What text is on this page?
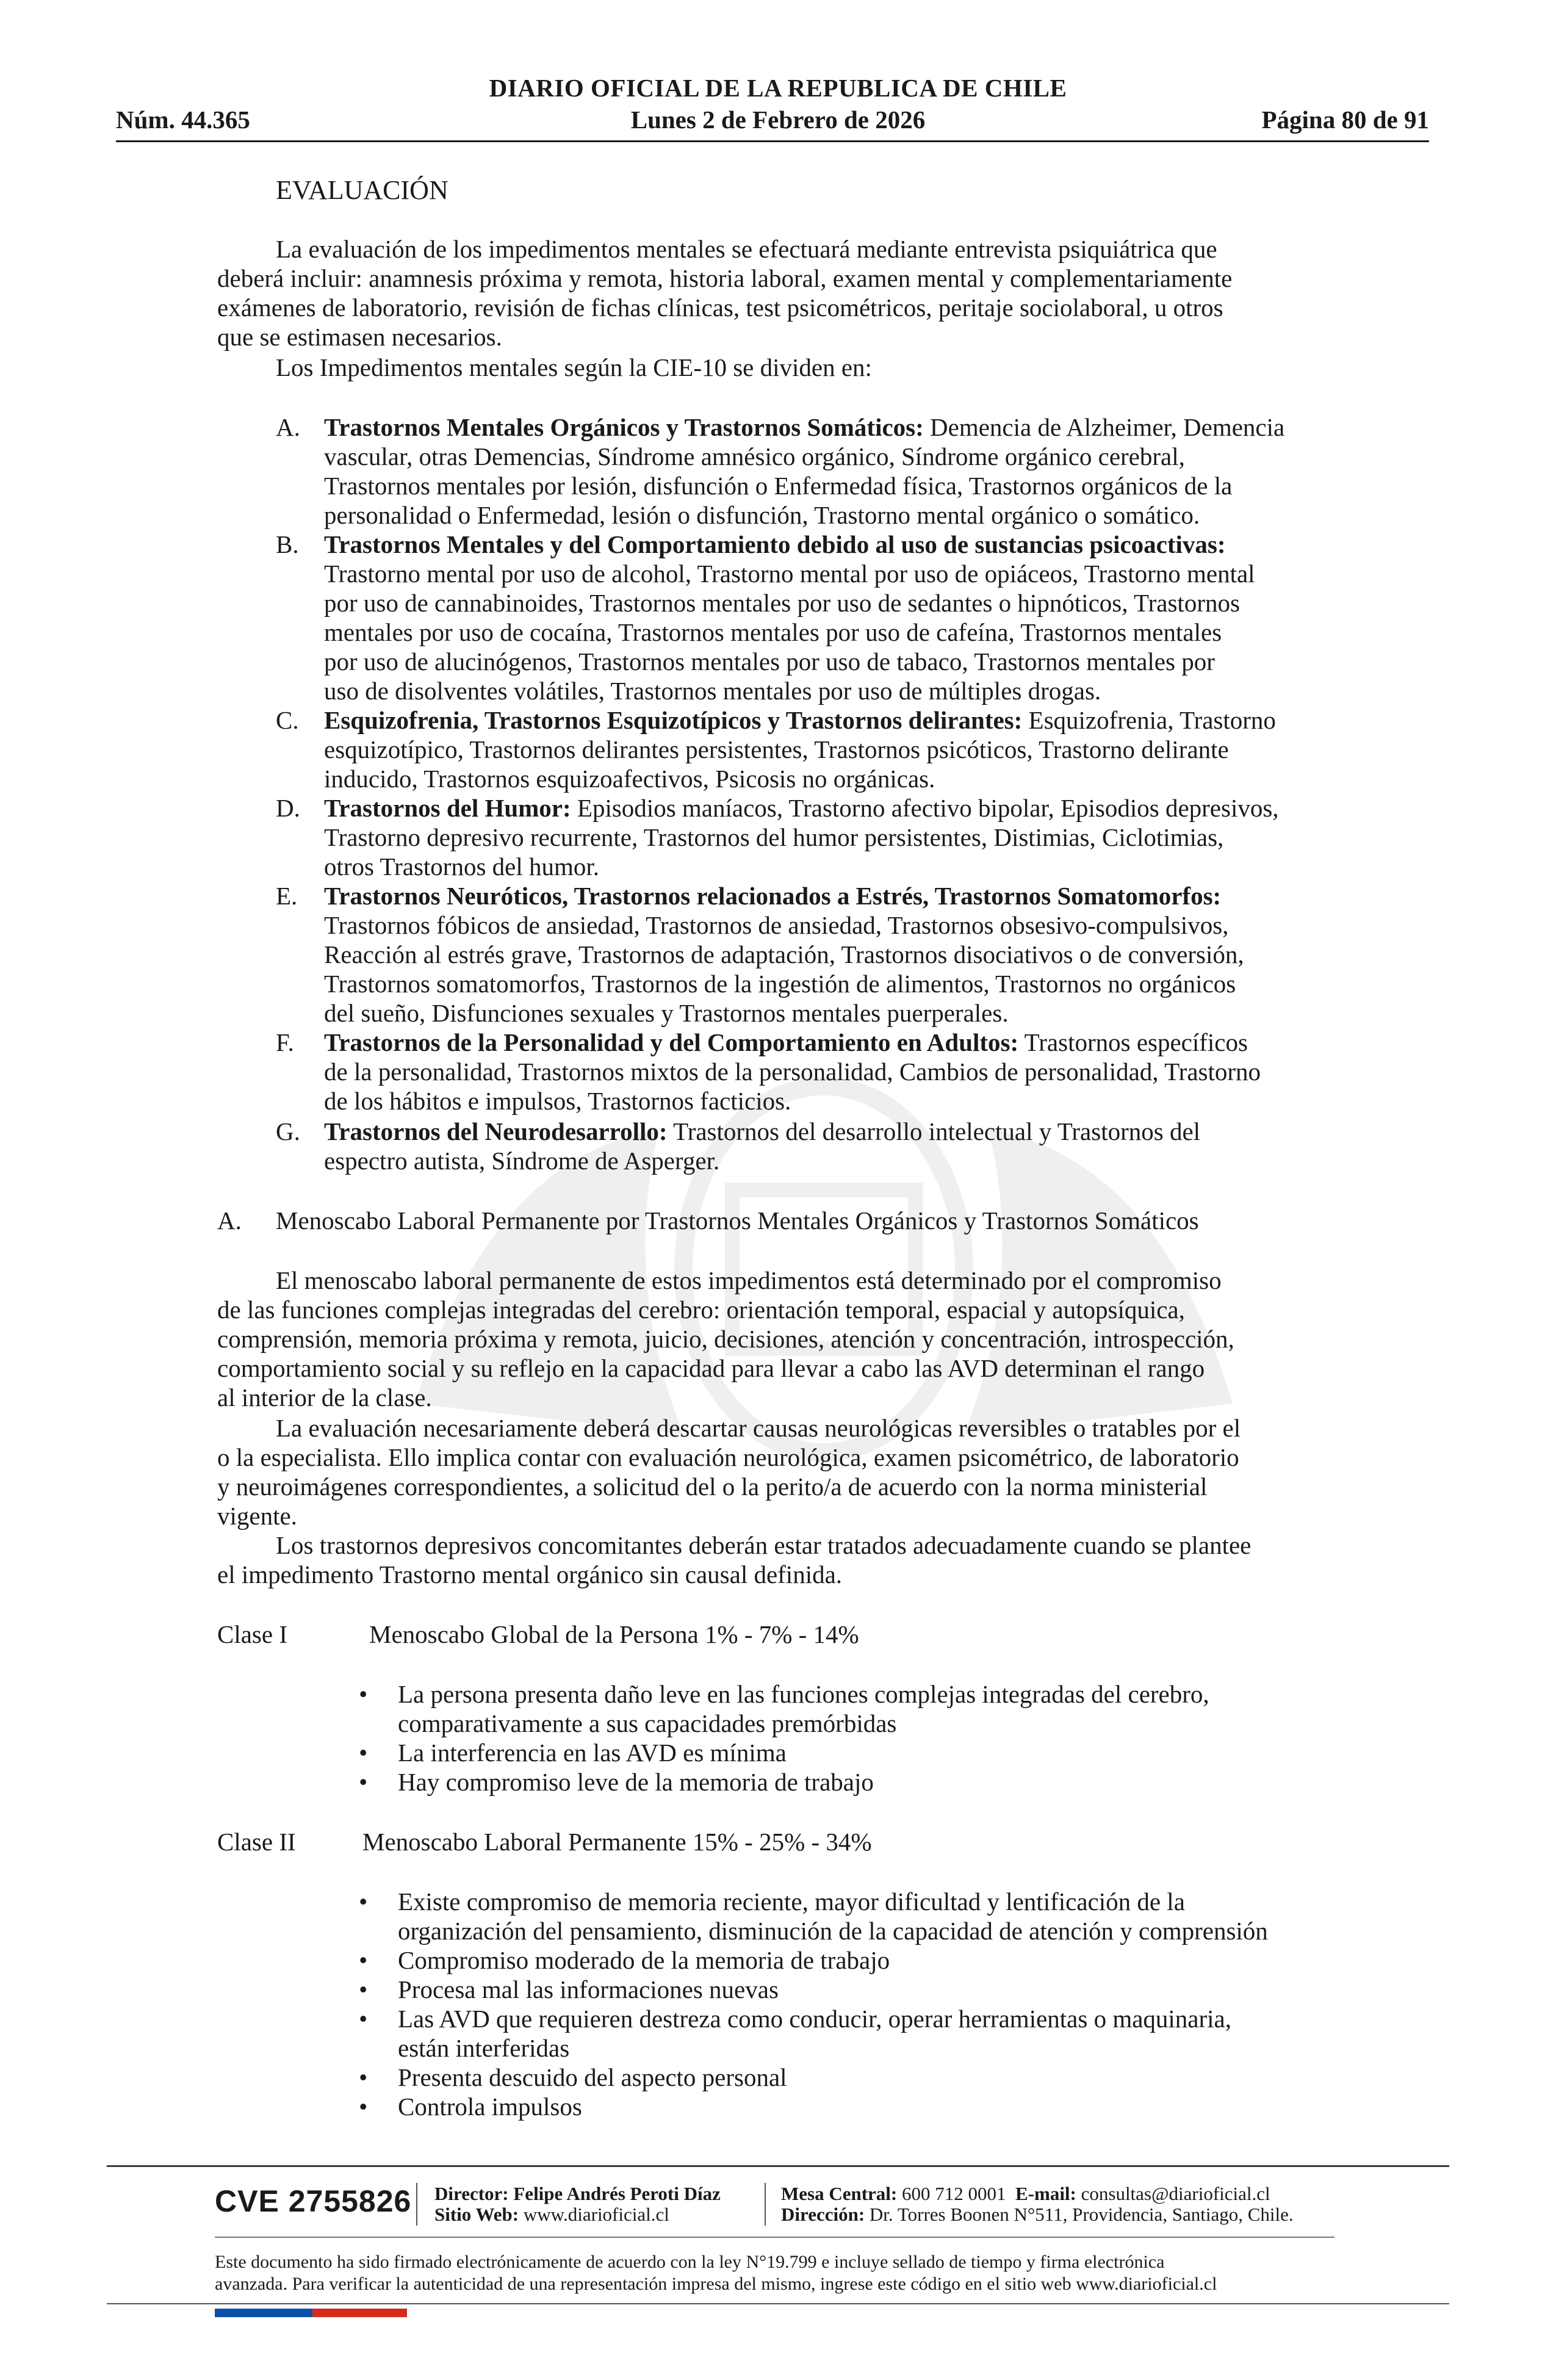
DIARIO OFICIAL DE LA REPUBLICA DE CHILE
Núm. 44.365	Lunes 2 de Febrero de 2026	Página 80 de 91
EVALUACIÓN
La evaluación de los impedimentos mentales se efectuará mediante entrevista psiquiátrica que
deberá incluir: anamnesis próxima y remota, historia laboral, examen mental y complementariamente
exámenes de laboratorio, revisión de fichas clínicas, test psicométricos, peritaje sociolaboral, u otros
que se estimasen necesarios.
Los Impedimentos mentales según la CIE-10 se dividen en:
A. Trastornos Mentales Orgánicos y Trastornos Somáticos: Demencia de Alzheimer, Demencia
vascular, otras Demencias, Síndrome amnésico orgánico, Síndrome orgánico cerebral,
Trastornos mentales por lesión, disfunción o Enfermedad física, Trastornos orgánicos de la
personalidad o Enfermedad, lesión o disfunción, Trastorno mental orgánico o somático.
B. Trastornos Mentales y del Comportamiento debido al uso de sustancias psicoactivas:
Trastorno mental por uso de alcohol, Trastorno mental por uso de opiáceos, Trastorno mental
por uso de cannabinoides, Trastornos mentales por uso de sedantes o hipnóticos, Trastornos
mentales por uso de cocaína, Trastornos mentales por uso de cafeína, Trastornos mentales
por uso de alucinógenos, Trastornos mentales por uso de tabaco, Trastornos mentales por
uso de disolventes volátiles, Trastornos mentales por uso de múltiples drogas.
C. Esquizofrenia, Trastornos Esquizotípicos y Trastornos delirantes: Esquizofrenia, Trastorno
esquizotípico, Trastornos delirantes persistentes, Trastornos psicóticos, Trastorno delirante
inducido, Trastornos esquizoafectivos, Psicosis no orgánicas.
D. Trastornos del Humor: Episodios maníacos, Trastorno afectivo bipolar, Episodios depresivos,
Trastorno depresivo recurrente, Trastornos del humor persistentes, Distimias, Ciclotimias,
otros Trastornos del humor.
E. Trastornos Neuróticos, Trastornos relacionados a Estrés, Trastornos Somatomorfos:
Trastornos fóbicos de ansiedad, Trastornos de ansiedad, Trastornos obsesivo-compulsivos,
Reacción al estrés grave, Trastornos de adaptación, Trastornos disociativos o de conversión,
Trastornos somatomorfos, Trastornos de la ingestión de alimentos, Trastornos no orgánicos
del sueño, Disfunciones sexuales y Trastornos mentales puerperales.
F. Trastornos de la Personalidad y del Comportamiento en Adultos: Trastornos específicos
de la personalidad, Trastornos mixtos de la personalidad, Cambios de personalidad, Trastorno
de los hábitos e impulsos, Trastornos facticios.
G. Trastornos del Neurodesarrollo: Trastornos del desarrollo intelectual y Trastornos del
espectro autista, Síndrome de Asperger.
A. Menoscabo Laboral Permanente por Trastornos Mentales Orgánicos y Trastornos Somáticos
El menoscabo laboral permanente de estos impedimentos está determinado por el compromiso
de las funciones complejas integradas del cerebro: orientación temporal, espacial y autopsíquica,
comprensión, memoria próxima y remota, juicio, decisiones, atención y concentración, introspección,
comportamiento social y su reflejo en la capacidad para llevar a cabo las AVD determinan el rango
al interior de la clase.
La evaluación necesariamente deberá descartar causas neurológicas reversibles o tratables por el
o la especialista. Ello implica contar con evaluación neurológica, examen psicométrico, de laboratorio
y neuroimágenes correspondientes, a solicitud del o la perito/a de acuerdo con la norma ministerial
vigente.
Los trastornos depresivos concomitantes deberán estar tratados adecuadamente cuando se plantee
el impedimento Trastorno mental orgánico sin causal definida.
Clase I	Menoscabo Global de la Persona 1% - 7% - 14%
• La persona presenta daño leve en las funciones complejas integradas del cerebro,
comparativamente a sus capacidades premórbidas
• La interferencia en las AVD es mínima
• Hay compromiso leve de la memoria de trabajo
Clase II	Menoscabo Laboral Permanente 15% - 25% - 34%
• Existe compromiso de memoria reciente, mayor dificultad y lentificación de la
organización del pensamiento, disminución de la capacidad de atención y comprensión
• Compromiso moderado de la memoria de trabajo
• Procesa mal las informaciones nuevas
• Las AVD que requieren destreza como conducir, operar herramientas o maquinaria,
están interferidas
• Presenta descuido del aspecto personal
• Controla impulsos
CVE 2755826 Director: Felipe Andrés Peroti Díaz
Sitio Web: www.diarioficial.cl
Mesa Central: 600 712 0001 E-mail: consultas@diarioficial.cl
Dirección: Dr. Torres Boonen N°511, Providencia, Santiago, Chile.
Este documento ha sido firmado electrónicamente de acuerdo con la ley N°19.799 e incluye sellado de tiempo y firma electrónica
avanzada. Para verificar la autenticidad de una representación impresa del mismo, ingrese este código en el sitio web www.diarioficial.cl
